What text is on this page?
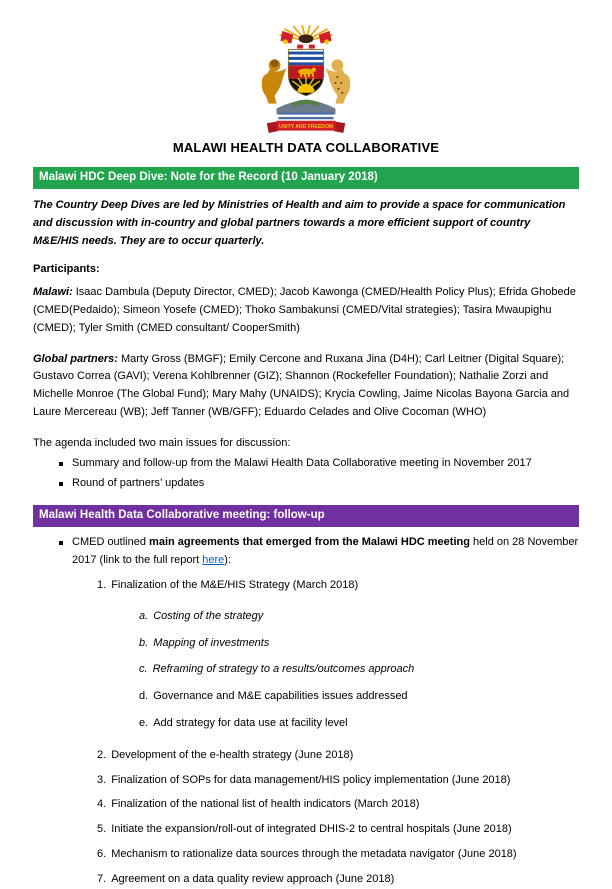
UNITY AND FREEDOM
MALAWI HEALTH DATA COLLABORATIVE
Malawi HDC Deep Dive: Note for the Record (10 January 2018)

The Country Deep Dives are led by Ministries of Health and aim to provide a space for communication and discussion with in-country and global partners towards a more efficient support of country M&E/HIS needs. They are to occur quarterly.

Participants:

Malawi: Isaac Dambula (Deputy Director, CMED); Jacob Kawonga (CMED/Health Policy Plus); Efrida Ghobede (CMED(Pedaido); Simeon Yosefe (CMED); Thoko Sambakunsi (CMED/Vital strategies); Tasira Mwaupighu (CMED); Tyler Smith (CMED consultant/ CooperSmith)

Global partners: Marty Gross (BMGF); Emily Cercone and Ruxana Jina (D4H); Carl Leitner (Digital Square); Gustavo Correa (GAVI); Verena Kohlbrenner (GIZ); Shannon (Rockefeller Foundation); Nathalie Zorzi and Michelle Monroe (The Global Fund); Mary Mahy (UNAIDS); Krycia Cowling, Jaime Nicolas Bayona Garcia and Laure Mercereau (WB); Jeff Tanner (WB/GFF); Eduardo Celades and Olive Cocoman (WHO)

The agenda included two main issues for discussion:

Summary and follow-up from the Malawi Health Data Collaborative meeting in November 2017
Round of partners’ updates
Malawi Health Data Collaborative meeting: follow-up
CMED outlined main agreements that emerged from the Malawi HDC meeting held on 28 November 2017 (link to the full report here):
1. Finalization of the M&E/HIS Strategy (March 2018)
a. Costing of the strategy
b. Mapping of investments
c. Reframing of strategy to a results/outcomes approach
d. Governance and M&E capabilities issues addressed
e. Add strategy for data use at facility level
2. Development of the e-health strategy (June 2018)
3. Finalization of SOPs for data management/HIS policy implementation (June 2018)
4. Finalization of the national list of health indicators (March 2018)
5. Initiate the expansion/roll-out of integrated DHIS-2 to central hospitals (June 2018)
6. Mechanism to rationalize data sources through the metadata navigator (June 2018)
7. Agreement on a data quality review approach (June 2018)
